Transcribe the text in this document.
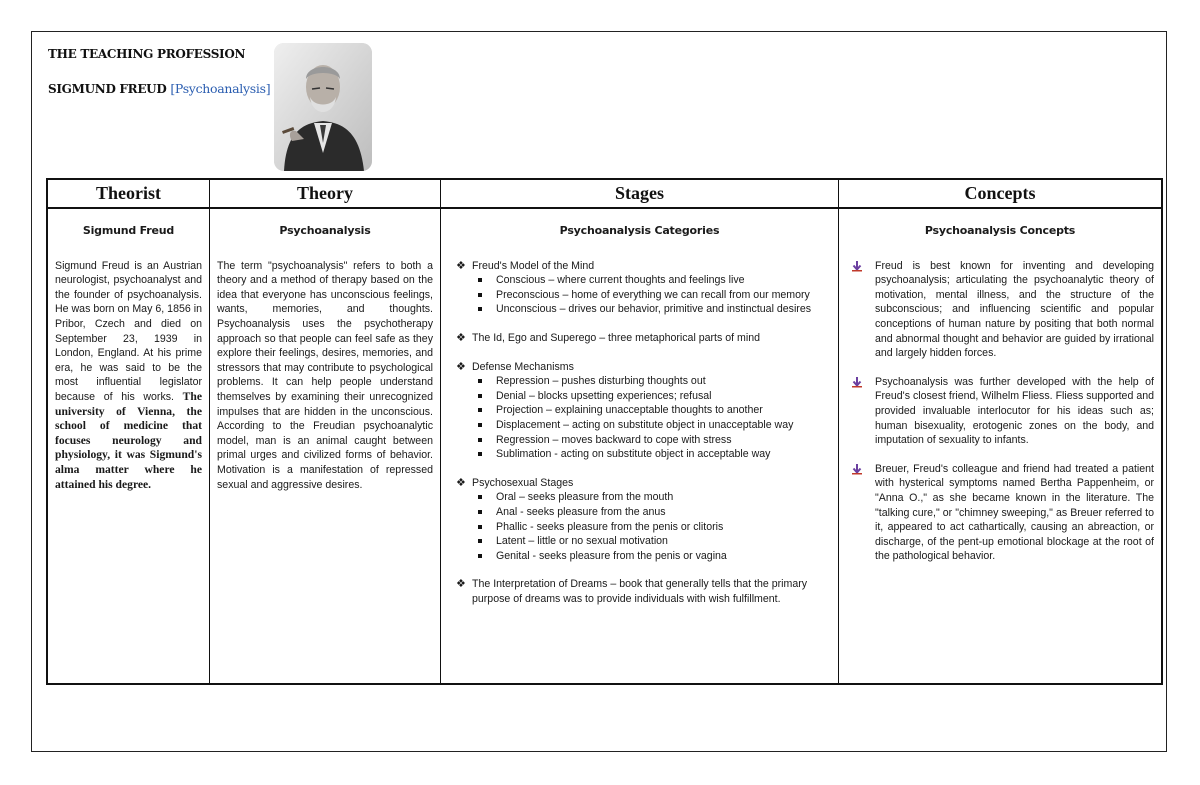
THE TEACHING PROFESSION
SIGMUND FREUD [Psychoanalysis]
Theorist
Sigmund Freud

Sigmund Freud is an Austrian neurologist, psychoanalyst and the founder of psychoanalysis. He was born on May 6, 1856 in Pribor, Czech and died on September 23, 1939 in London, England. At his prime era, he was said to be the most influential legislator because of his works. The university of Vienna, the school of medicine that focuses neurology and physiology, it was Sigmund's alma matter where he attained his degree.

Theory
Psychoanalysis

The term "psychoanalysis" refers to both a theory and a method of therapy based on the idea that everyone has unconscious feelings, wants, memories, and thoughts. Psychoanalysis uses the psychotherapy approach so that people can feel safe as they explore their feelings, desires, memories, and stressors that may contribute to psychological problems. It can help people understand themselves by examining their unrecognized impulses that are hidden in the unconscious. According to the Freudian psychoanalytic model, man is an animal caught between primal urges and civilized forms of behavior. Motivation is a manifestation of repressed sexual and aggressive desires.

Stages
Psychoanalysis Categories
❖ Freud's Model of the Mind
Conscious – where current thoughts and feelings live
Preconscious – home of everything we can recall from our memory
Unconscious – drives our behavior, primitive and instinctual desires
❖ The Id, Ego and Superego – three metaphorical parts of mind
❖ Defense Mechanisms
Repression – pushes disturbing thoughts out
Denial – blocks upsetting experiences; refusal
Projection – explaining unacceptable thoughts to another
Displacement – acting on substitute object in unacceptable way
Regression – moves backward to cope with stress
Sublimation - acting on substitute object in acceptable way
❖ Psychosexual Stages
Oral – seeks pleasure from the mouth
Anal - seeks pleasure from the anus
Phallic - seeks pleasure from the penis or clitoris
Latent – little or no sexual motivation
Genital - seeks pleasure from the penis or vagina
❖ The Interpretation of Dreams – book that generally tells that the primary purpose of dreams was to provide individuals with wish fulfillment.
Concepts
Psychoanalysis Concepts
Freud is best known for inventing and developing psychoanalysis; articulating the psychoanalytic theory of motivation, mental illness, and the structure of the subconscious; and influencing scientific and popular conceptions of human nature by positing that both normal and abnormal thought and behavior are guided by irrational and largely hidden forces.
Psychoanalysis was further developed with the help of Freud's closest friend, Wilhelm Fliess. Fliess supported and provided invaluable interlocutor for his ideas such as; human bisexuality, erotogenic zones on the body, and imputation of sexuality to infants.
Breuer, Freud's colleague and friend had treated a patient with hysterical symptoms named Bertha Pappenheim, or "Anna O.," as she became known in the literature. The "talking cure," or "chimney sweeping," as Breuer referred to it, appeared to act cathartically, causing an abreaction, or discharge, of the pent-up emotional blockage at the root of the pathological behavior.
